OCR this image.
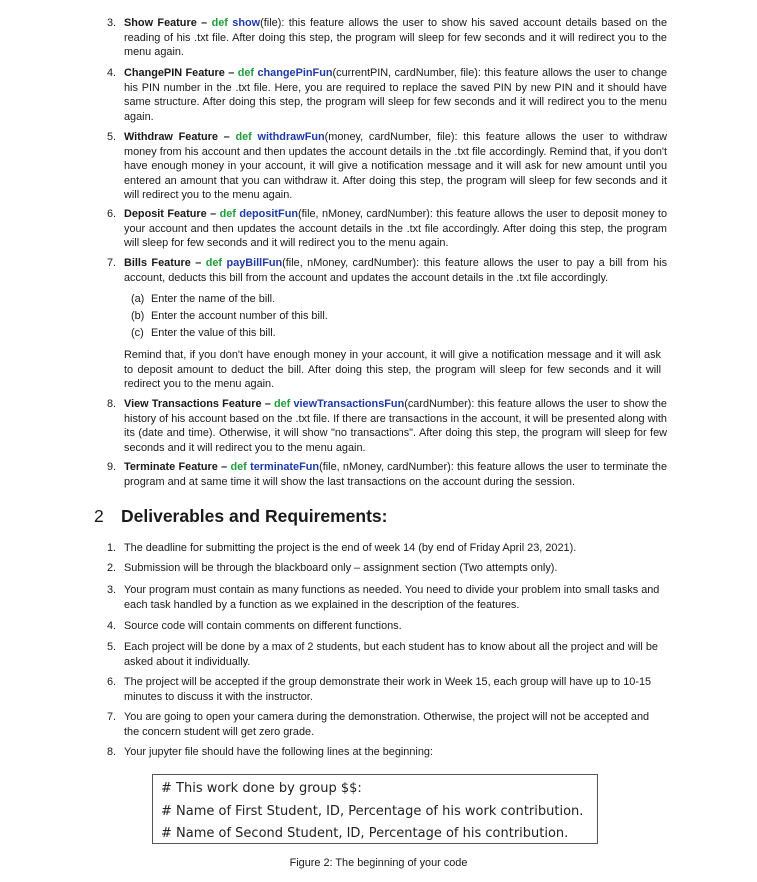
3. Show Feature – def show(file): this feature allows the user to show his saved account details based on the reading of his .txt file. After doing this step, the program will sleep for few seconds and it will redirect you to the menu again.
4. ChangePIN Feature – def changePinFun(currentPIN, cardNumber, file): this feature allows the user to change his PIN number in the .txt file. Here, you are required to replace the saved PIN by new PIN and it should have same structure. After doing this step, the program will sleep for few seconds and it will redirect you to the menu again.
5. Withdraw Feature – def withdrawFun(money, cardNumber, file): this feature allows the user to withdraw money from his account and then updates the account details in the .txt file accordingly. Remind that, if you don't have enough money in your account, it will give a notification message and it will ask for new amount until you entered an amount that you can withdraw it. After doing this step, the program will sleep for few seconds and it will redirect you to the menu again.
6. Deposit Feature – def depositFun(file, nMoney, cardNumber): this feature allows the user to deposit money to your account and then updates the account details in the .txt file accordingly. After doing this step, the program will sleep for few seconds and it will redirect you to the menu again.
7. Bills Feature – def payBillFun(file, nMoney, cardNumber): this feature allows the user to pay a bill from his account, deducts this bill from the account and updates the account details in the .txt file accordingly.
(a) Enter the name of the bill.
(b) Enter the account number of this bill.
(c) Enter the value of this bill.
Remind that, if you don't have enough money in your account, it will give a notification message and it will ask to deposit amount to deduct the bill. After doing this step, the program will sleep for few seconds and it will redirect you to the menu again.
8. View Transactions Feature – def viewTransactionsFun(cardNumber): this feature allows the user to show the history of his account based on the .txt file. If there are transactions in the account, it will be presented along with its (date and time). Otherwise, it will show "no transactions". After doing this step, the program will sleep for few seconds and it will redirect you to the menu again.
9. Terminate Feature – def terminateFun(file, nMoney, cardNumber): this feature allows the user to terminate the program and at same time it will show the last transactions on the account during the session.
2 Deliverables and Requirements:
1. The deadline for submitting the project is the end of week 14 (by end of Friday April 23, 2021).
2. Submission will be through the blackboard only – assignment section (Two attempts only).
3. Your program must contain as many functions as needed. You need to divide your problem into small tasks and each task handled by a function as we explained in the description of the features.
4. Source code will contain comments on different functions.
5. Each project will be done by a max of 2 students, but each student has to know about all the project and will be asked about it individually.
6. The project will be accepted if the group demonstrate their work in Week 15, each group will have up to 10-15 minutes to discuss it with the instructor.
7. You are going to open your camera during the demonstration. Otherwise, the project will not be accepted and the concern student will get zero grade.
8. Your jupyter file should have the following lines at the beginning:
# This work done by group $$:
# Name of First Student, ID, Percentage of his work contribution.
# Name of Second Student, ID, Percentage of his contribution.
Figure 2: The beginning of your code
